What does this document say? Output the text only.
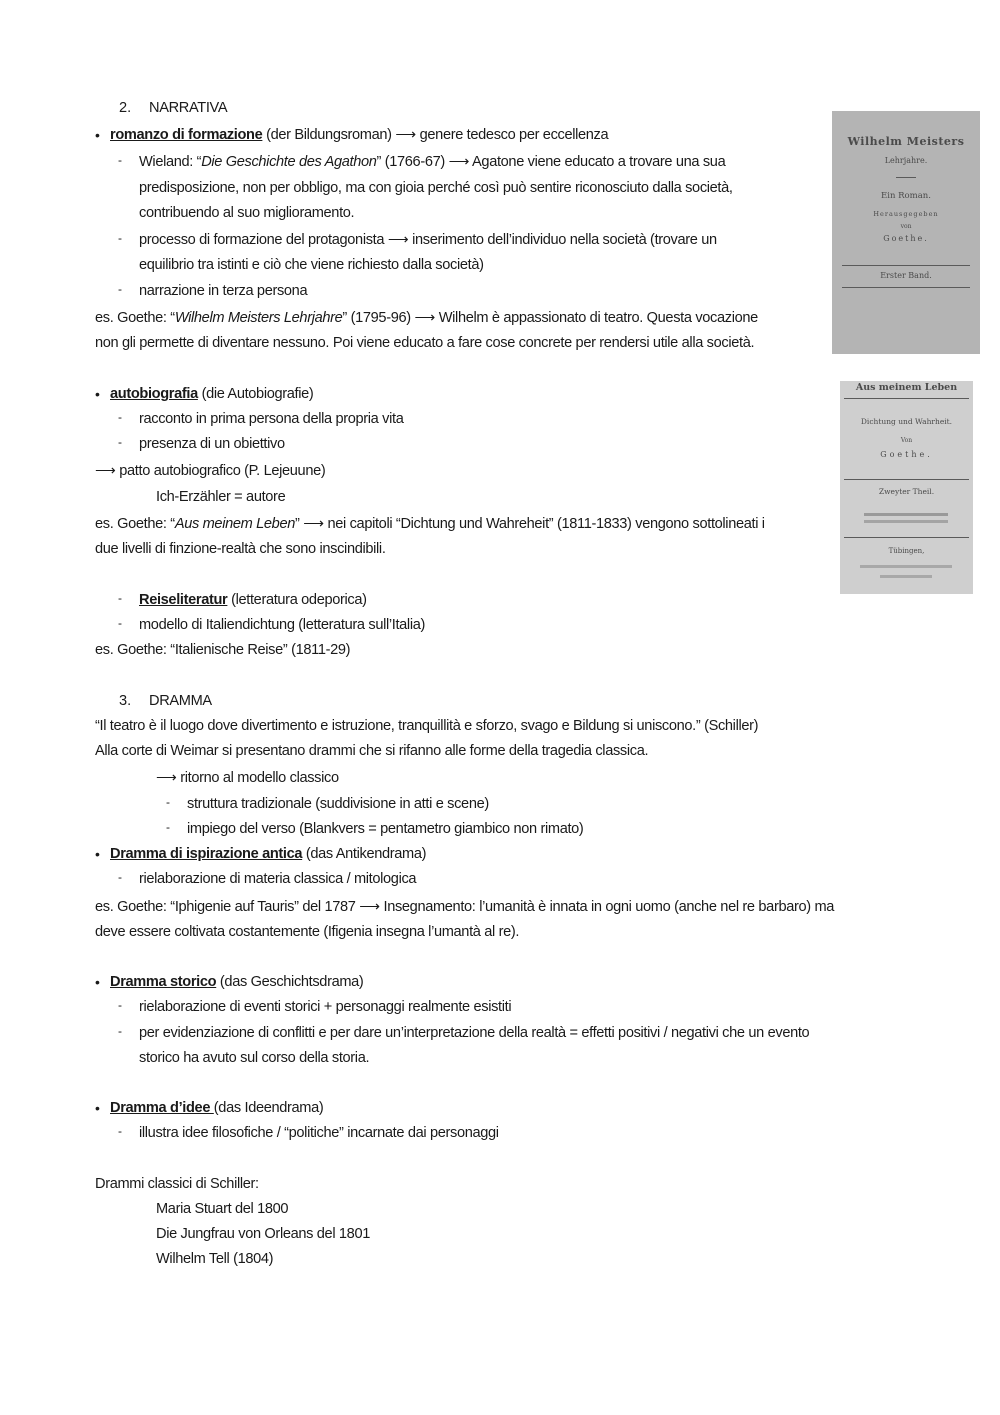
2. NARRATIVA
• romanzo di formazione (der Bildungsroman) ⟶ genere tedesco per eccellenza
- Wieland: “Die Geschichte des Agathon” (1766-67) ⟶ Agatone viene educato a trovare una sua
predisposizione, non per obbligo, ma con gioia perché così può sentire riconosciuto dalla società,
contribuendo al suo miglioramento.
- processo di formazione del protagonista ⟶ inserimento dell’individuo nella società (trovare un
equilibrio tra istinti e ciò che viene richiesto dalla società)
- narrazione in terza persona
es. Goethe: “Wilhelm Meisters Lehrjahre” (1795-96) ⟶ Wilhelm è appassionato di teatro. Questa vocazione
non gli permette di diventare nessuno. Poi viene educato a fare cose concrete per rendersi utile alla società.
• autobiografia (die Autobiografie)
- racconto in prima persona della propria vita
- presenza di un obiettivo
⟶ patto autobiografico (P. Lejeuune)
Ich-Erzähler = autore
es. Goethe: “Aus meinem Leben” ⟶ nei capitoli “Dichtung und Wahreheit” (1811-1833) vengono sottolineati i
due livelli di finzione-realtà che sono inscindibili.
- Reiseliteratur (letteratura odeporica)
- modello di Italiendichtung (letteratura sull’Italia)
es. Goethe: “Italienische Reise” (1811-29)
3. DRAMMA
“Il teatro è il luogo dove divertimento e istruzione, tranquillità e sforzo, svago e Bildung si uniscono.” (Schiller)
Alla corte di Weimar si presentano drammi che si rifanno alle forme della tragedia classica.
⟶ ritorno al modello classico
- struttura tradizionale (suddivisione in atti e scene)
- impiego del verso (Blankvers = pentametro giambico non rimato)
• Dramma di ispirazione antica (das Antikendrama)
- rielaborazione di materia classica / mitologica
es. Goethe: “Iphigenie auf Tauris” del 1787 ⟶ Insegnamento: l’umanità è innata in ogni uomo (anche nel re barbaro) ma
deve essere coltivata costantemente (Ifigenia insegna l’umantà al re).
• Dramma storico (das Geschichtsdrama)
- rielaborazione di eventi storici + personaggi realmente esistiti
- per evidenziazione di conflitti e per dare un’interpretazione della realtà = effetti positivi / negativi che un evento
storico ha avuto sul corso della storia.
• Dramma d’idee (das Ideendrama)
- illustra idee filosofiche / “politiche” incarnate dai personaggi
Drammi classici di Schiller:
Maria Stuart del 1800
Die Jungfrau von Orleans del 1801
Wilhelm Tell (1804)
Wilhelm Meisters
Lehrjahre.
Ein Roman.
Herausgegeben
von
Goethe.
Erster Band.
Aus meinem Leben
Dichtung und Wahrheit.
Von
Goethe.
Zweyter Theil.
Tübingen,
